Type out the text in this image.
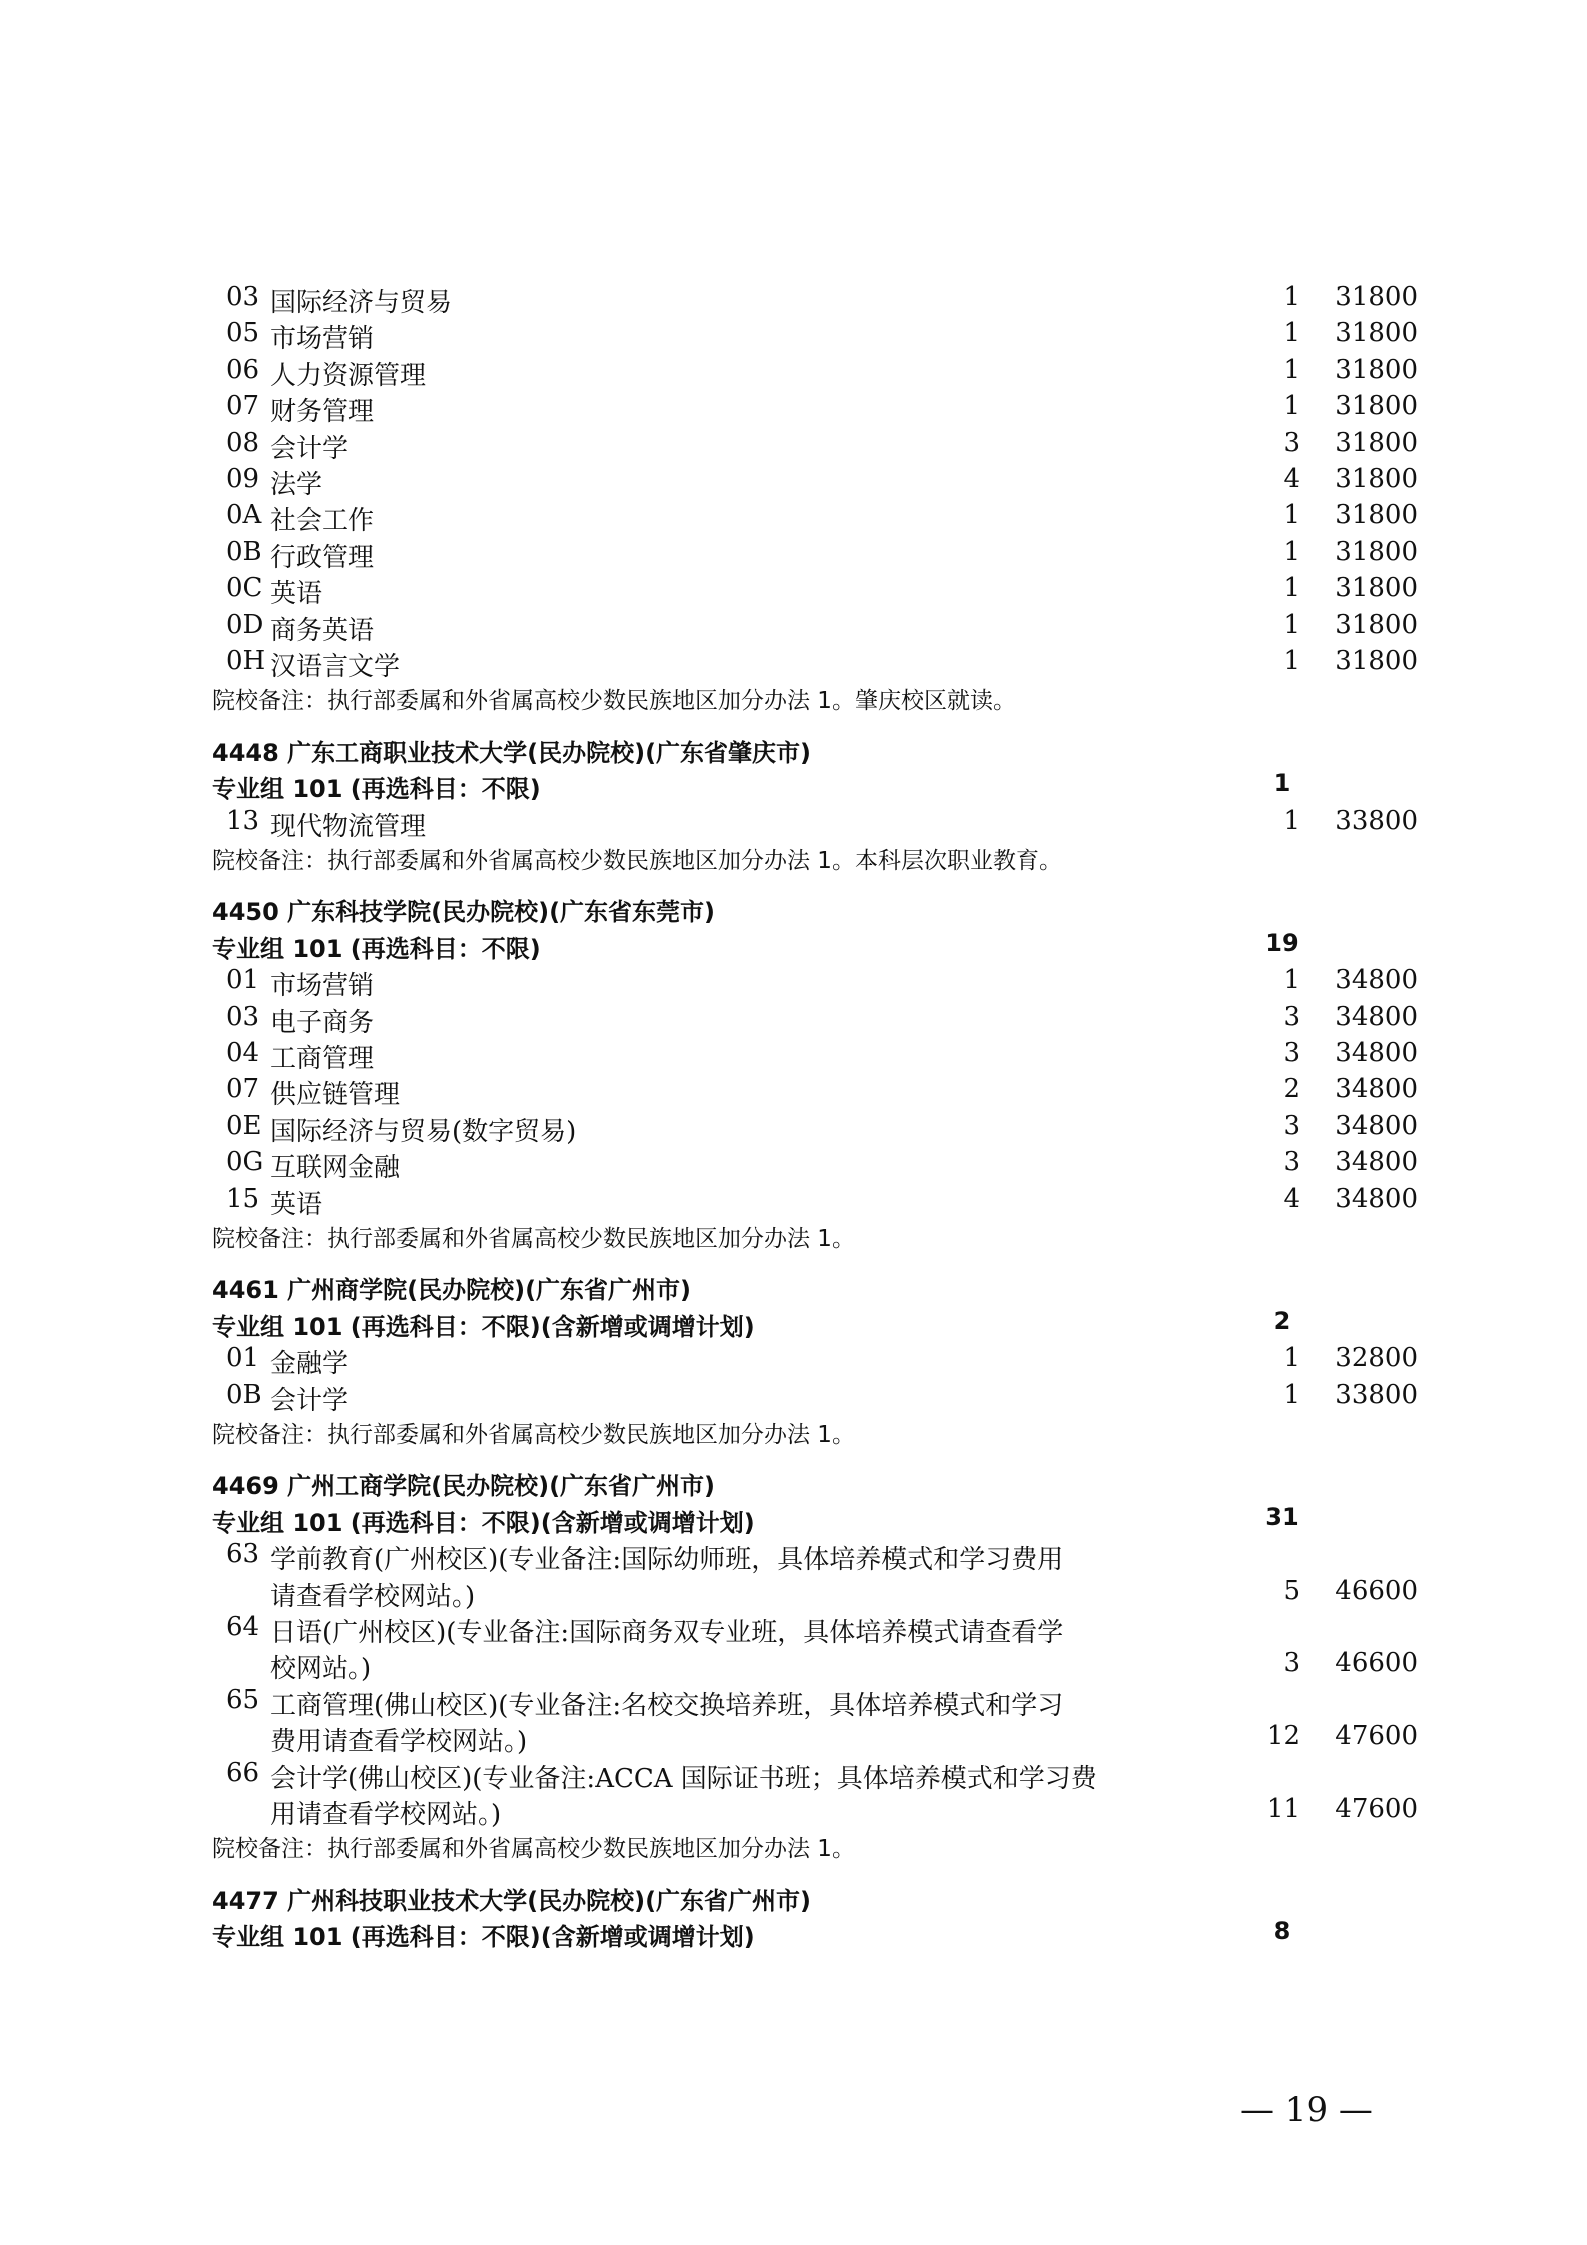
03 国际经济与贸易	1 31800
05 市场营销	1 31800
06 人力资源管理	1 31800
07 财务管理	1 31800
08 会计学	3 31800
09 法学	4 31800
0A 社会工作	1 31800
0B 行政管理	1 31800
0C 英语	1 31800
0D 商务英语	1 31800
0H 汉语言文学	1 31800
院校备注：执行部委属和外省属高校少数民族地区加分办法 1。肇庆校区就读。
4448 广东工商职业技术大学(民办院校)(广东省肇庆市)
专业组 101 (再选科目：不限)	1
13 现代物流管理	1 33800
院校备注：执行部委属和外省属高校少数民族地区加分办法 1。本科层次职业教育。
4450 广东科技学院(民办院校)(广东省东莞市)
专业组 101 (再选科目：不限)	19
01 市场营销	1 34800
03 电子商务	3 34800
04 工商管理	3 34800
07 供应链管理	2 34800
0E 国际经济与贸易(数字贸易)	3 34800
0G 互联网金融	3 34800
15 英语	4 34800
院校备注：执行部委属和外省属高校少数民族地区加分办法 1。
4461 广州商学院(民办院校)(广东省广州市)
专业组 101 (再选科目：不限)(含新增或调增计划)	2
01 金融学	1 32800
0B 会计学	1 33800
院校备注：执行部委属和外省属高校少数民族地区加分办法 1。
4469 广州工商学院(民办院校)(广东省广州市)
专业组 101 (再选科目：不限)(含新增或调增计划)	31
63 学前教育(广州校区)(专业备注:国际幼师班，具体培养模式和学习费用
请查看学校网站。)	5 46600
64 日语(广州校区)(专业备注:国际商务双专业班，具体培养模式请查看学
校网站。)	3 46600
65 工商管理(佛山校区)(专业备注:名校交换培养班，具体培养模式和学习
费用请查看学校网站。)	12 47600
66 会计学(佛山校区)(专业备注:ACCA 国际证书班；具体培养模式和学习费
用请查看学校网站。)	11 47600
院校备注：执行部委属和外省属高校少数民族地区加分办法 1。
4477 广州科技职业技术大学(民办院校)(广东省广州市)
专业组 101 (再选科目：不限)(含新增或调增计划)	8
— 19 —
